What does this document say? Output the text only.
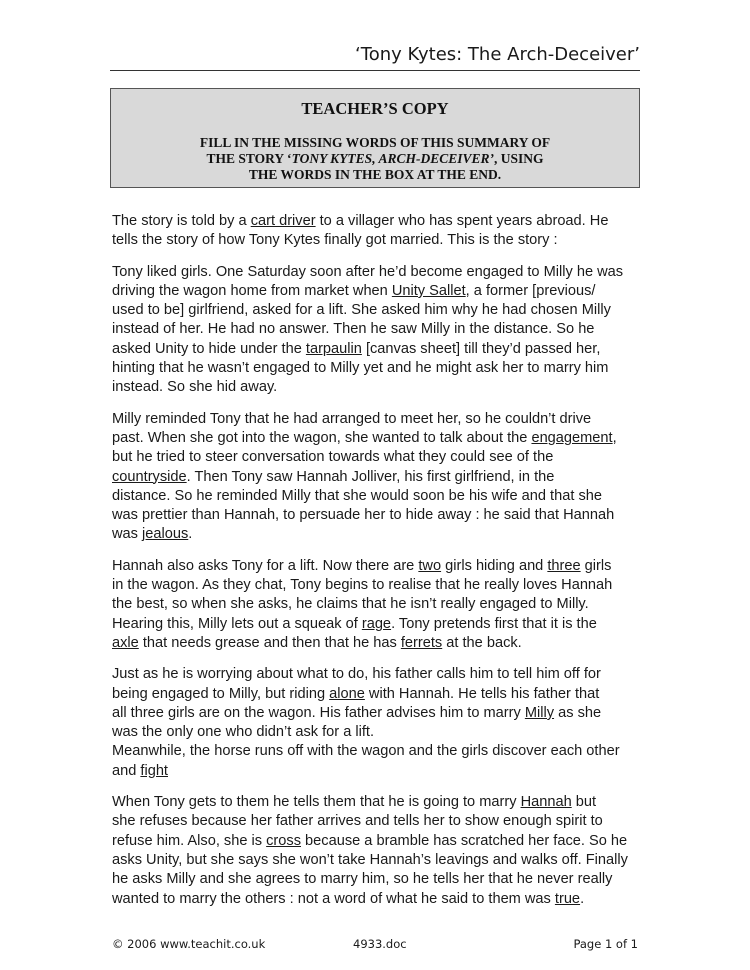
‘Tony Kytes: The Arch-Deceiver’
TEACHER’S COPY
FILL IN THE MISSING WORDS OF THIS SUMMARY OF
THE STORY ‘TONY KYTES, ARCH-DECEIVER’, USING
THE WORDS IN THE BOX AT THE END.
The story is told by a cart driver to a villager who has spent years abroad. He
tells the story of how Tony Kytes finally got married. This is the story :
Tony liked girls. One Saturday soon after he’d become engaged to Milly he was
driving the wagon home from market when Unity Sallet, a former [previous/
used to be] girlfriend, asked for a lift. She asked him why he had chosen Milly
instead of her. He had no answer. Then he saw Milly in the distance. So he
asked Unity to hide under the tarpaulin [canvas sheet] till they’d passed her,
hinting that he wasn’t engaged to Milly yet and he might ask her to marry him
instead. So she hid away.
Milly reminded Tony that he had arranged to meet her, so he couldn’t drive
past. When she got into the wagon, she wanted to talk about the engagement,
but he tried to steer conversation towards what they could see of the
countryside. Then Tony saw Hannah Jolliver, his first girlfriend, in the
distance. So he reminded Milly that she would soon be his wife and that she
was prettier than Hannah, to persuade her to hide away : he said that Hannah
was jealous.
Hannah also asks Tony for a lift. Now there are two girls hiding and three girls
in the wagon. As they chat, Tony begins to realise that he really loves Hannah
the best, so when she asks, he claims that he isn’t really engaged to Milly.
Hearing this, Milly lets out a squeak of rage. Tony pretends first that it is the
axle that needs grease and then that he has ferrets at the back.
Just as he is worrying about what to do, his father calls him to tell him off for
being engaged to Milly, but riding alone with Hannah. He tells his father that
all three girls are on the wagon. His father advises him to marry Milly as she
was the only one who didn’t ask for a lift.
Meanwhile, the horse runs off with the wagon and the girls discover each other
and fight
When Tony gets to them he tells them that he is going to marry Hannah but
she refuses because her father arrives and tells her to show enough spirit to
refuse him. Also, she is cross because a bramble has scratched her face. So he
asks Unity, but she says she won’t take Hannah’s leavings and walks off. Finally
he asks Milly and she agrees to marry him, so he tells her that he never really
wanted to marry the others : not a word of what he said to them was true.
© 2006 www.teachit.co.uk	4933.doc	Page 1 of 1
